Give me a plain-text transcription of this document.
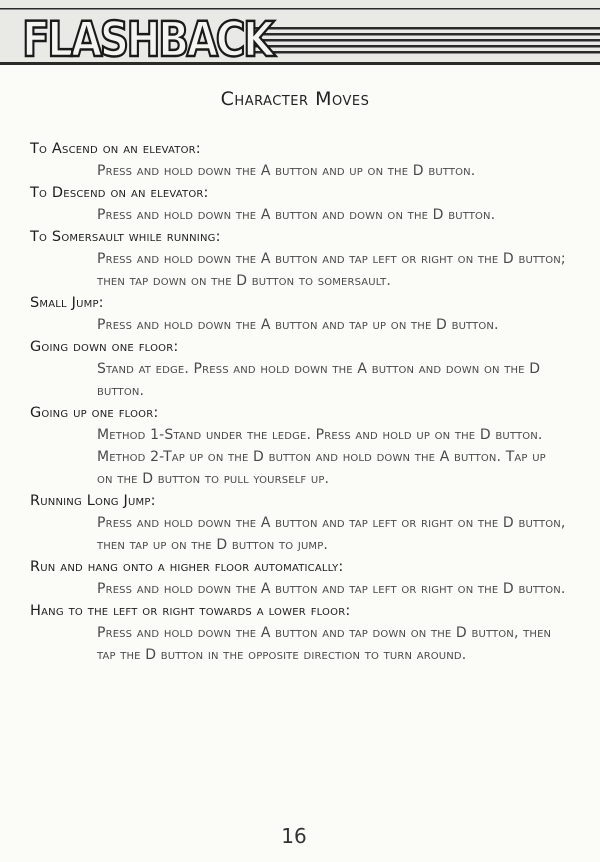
FLASHBACK
Character Moves
To Ascend on an elevator:
Press and hold down the A button and up on the D button.
To Descend on an elevator:
Press and hold down the A button and down on the D button.
To Somersault while running:
Press and hold down the A button and tap left or right on the D button; then tap down on the D button to somersault.
Small Jump:
Press and hold down the A button and tap up on the D button.
Going down one floor:
Stand at edge. Press and hold down the A button and down on the D button.
Going up one floor:
Method 1-Stand under the ledge. Press and hold up on the D button.
Method 2-Tap up on the D button and hold down the A button. Tap up on the D button to pull yourself up.
Running Long Jump:
Press and hold down the A button and tap left or right on the D button, then tap up on the D button to jump.
Run and hang onto a higher floor automatically:
Press and hold down the A button and tap left or right on the D button.
Hang to the left or right towards a lower floor:
Press and hold down the A button and tap down on the D button, then tap the D button in the opposite direction to turn around.
16
